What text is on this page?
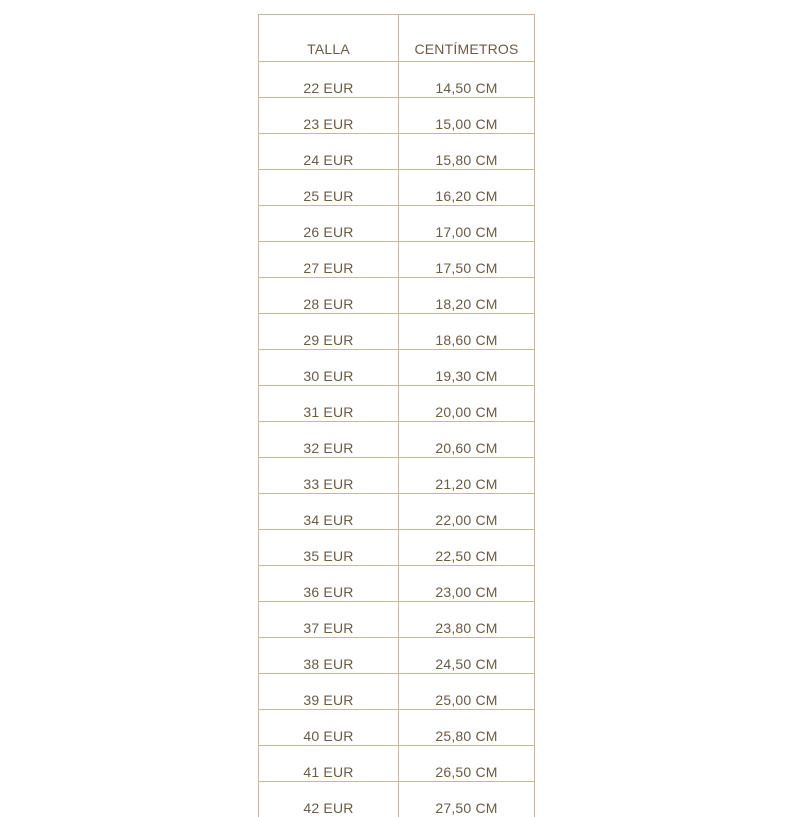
TALLA	CENTÍMETROS
22 EUR	14,50 CM
23 EUR	15,00 CM
24 EUR	15,80 CM
25 EUR	16,20 CM
26 EUR	17,00 CM
27 EUR	17,50 CM
28 EUR	18,20 CM
29 EUR	18,60 CM
30 EUR	19,30 CM
31 EUR	20,00 CM
32 EUR	20,60 CM
33 EUR	21,20 CM
34 EUR	22,00 CM
35 EUR	22,50 CM
36 EUR	23,00 CM
37 EUR	23,80 CM
38 EUR	24,50 CM
39 EUR	25,00 CM
40 EUR	25,80 CM
41 EUR	26,50 CM
42 EUR	27,50 CM
